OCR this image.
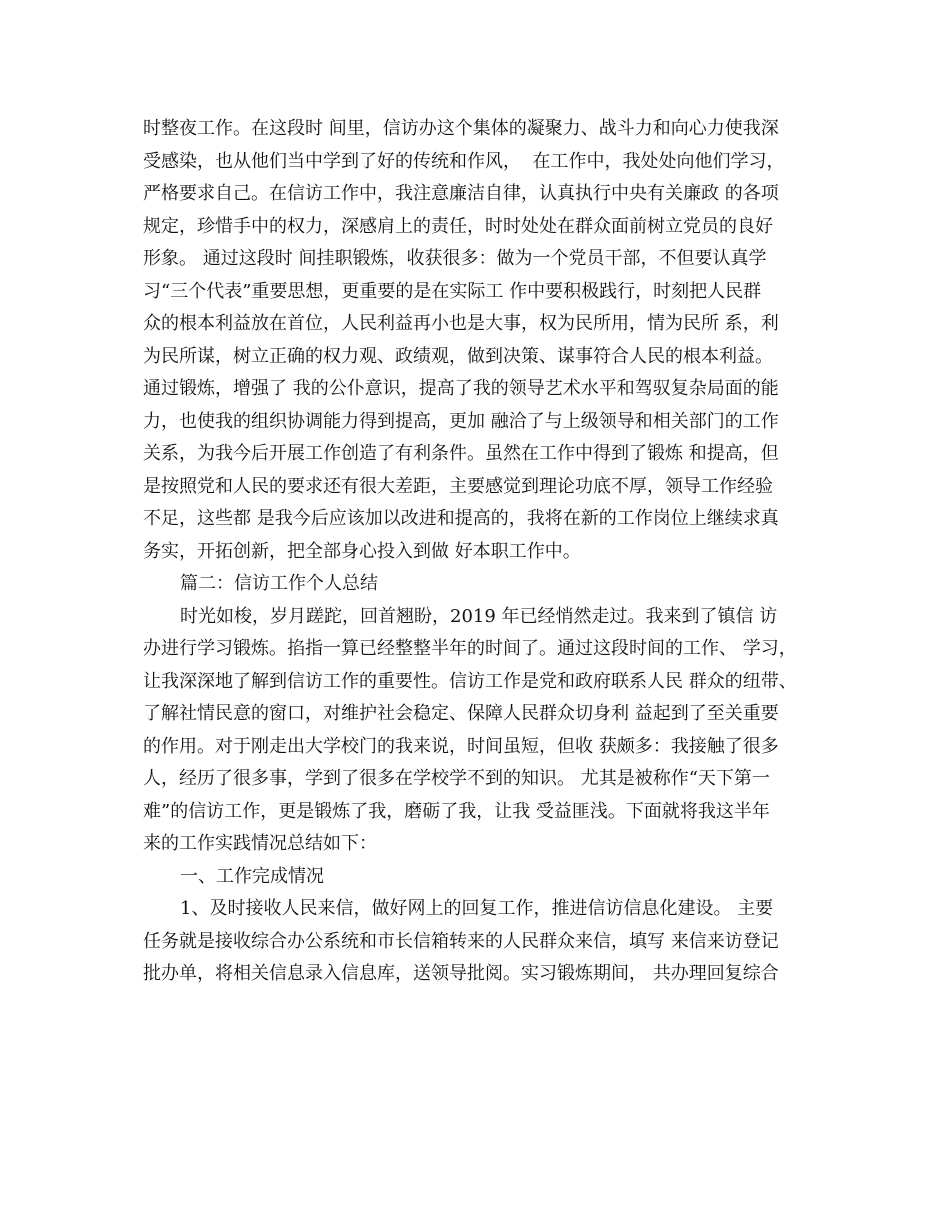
时整夜工作。在这段时 间里，信访办这个集体的凝聚力、战斗力和向心力使我深
受感染，也从他们当中学到了好的传统和作风，  在工作中，我处处向他们学习，
严格要求自己。在信访工作中，我注意廉洁自律，认真执行中央有关廉政 的各项
规定，珍惜手中的权力，深感肩上的责任，时时处处在群众面前树立党员的良好
形象。 通过这段时 间挂职锻炼，收获很多：做为一个党员干部，不但要认真学
习“三个代表”重要思想，更重要的是在实际工 作中要积极践行，时刻把人民群
众的根本利益放在首位，人民利益再小也是大事，权为民所用，情为民所 系，利
为民所谋，树立正确的权力观、政绩观，做到决策、谋事符合人民的根本利益。
通过锻炼，增强了 我的公仆意识，提高了我的领导艺术水平和驾驭复杂局面的能
力，也使我的组织协调能力得到提高，更加 融洽了与上级领导和相关部门的工作
关系，为我今后开展工作创造了有利条件。虽然在工作中得到了锻炼 和提高，但
是按照党和人民的要求还有很大差距，主要感觉到理论功底不厚，领导工作经验
不足，这些都 是我今后应该加以改进和提高的，我将在新的工作岗位上继续求真
务实，开拓创新，把全部身心投入到做 好本职工作中。
篇二：信访工作个人总结
时光如梭，岁月蹉跎，回首翘盼，2019 年已经悄然走过。我来到了镇信 访
办进行学习锻炼。掐指一算已经整整半年的时间了。通过这段时间的工作、 学习，
让我深深地了解到信访工作的重要性。信访工作是党和政府联系人民 群众的纽带、
了解社情民意的窗口，对维护社会稳定、保障人民群众切身利 益起到了至关重要
的作用。对于刚走出大学校门的我来说，时间虽短，但收 获颇多：我接触了很多
人，经历了很多事，学到了很多在学校学不到的知识。 尤其是被称作“天下第一
难”的信访工作，更是锻炼了我，磨砺了我，让我 受益匪浅。下面就将我这半年
来的工作实践情况总结如下：
一、工作完成情况
1、及时接收人民来信，做好网上的回复工作，推进信访信息化建设。 主要
任务就是接收综合办公系统和市长信箱转来的人民群众来信，填写 来信来访登记
批办单，将相关信息录入信息库，送领导批阅。实习锻炼期间， 共办理回复综合
